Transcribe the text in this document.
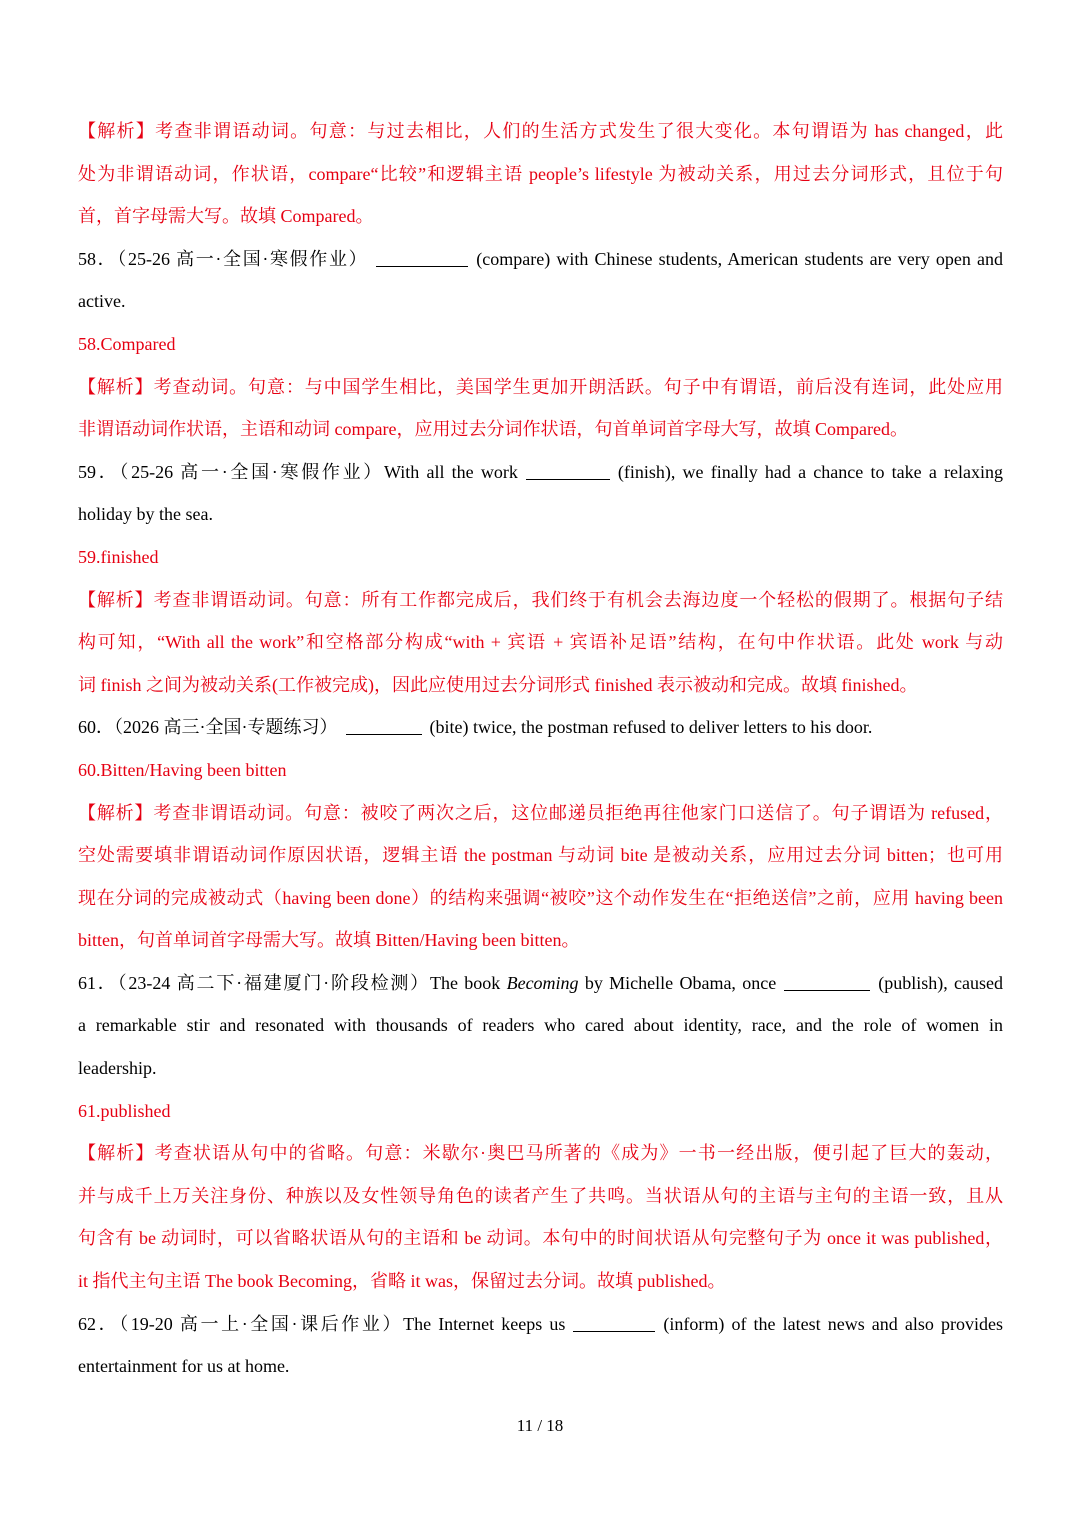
【解析】考查非谓语动词。句意：与过去相比，人们的生活方式发生了很大变化。本句谓语为 has changed，此
处为非谓语动词，作状语，compare“比较”和逻辑主语 people’s lifestyle 为被动关系，用过去分词形式，且位于句
首，首字母需大写。故填 Compared。
58．（25-26 高一·全国·寒假作业）	(compare) with Chinese students, American students are very open and
active.
58.Compared
【解析】考查动词。句意：与中国学生相比，美国学生更加开朗活跃。句子中有谓语，前后没有连词，此处应用
非谓语动词作状语，主语和动词 compare，应用过去分词作状语，句首单词首字母大写，故填 Compared。
59．（25-26 高一·全国·寒假作业）With all the work	(finish), we finally had a chance to take a relaxing
holiday by the sea.
59.finished
【解析】考查非谓语动词。句意：所有工作都完成后，我们终于有机会去海边度一个轻松的假期了。根据句子结
构可知，“With all the work”和空格部分构成“with + 宾语 + 宾语补足语”结构，在句中作状语。此处 work 与动
词 finish 之间为被动关系(工作被完成)，因此应使用过去分词形式 finished 表示被动和完成。故填 finished。
60．（2026 高三·全国·专题练习）	(bite) twice, the postman refused to deliver letters to his door.
60.Bitten/Having been bitten
【解析】考查非谓语动词。句意：被咬了两次之后，这位邮递员拒绝再往他家门口送信了。句子谓语为 refused，
空处需要填非谓语动词作原因状语，逻辑主语 the postman 与动词 bite 是被动关系，应用过去分词 bitten；也可用
现在分词的完成被动式（having been done）的结构来强调“被咬”这个动作发生在“拒绝送信”之前，应用 having been
bitten，句首单词首字母需大写。故填 Bitten/Having been bitten。
61．（23-24 高二下·福建厦门·阶段检测）The book Becoming by Michelle Obama, once	(publish), caused
a remarkable stir and resonated with thousands of readers who cared about identity, race, and the role of women in
leadership.
61.published
【解析】考查状语从句中的省略。句意：米歇尔·奥巴马所著的《成为》一书一经出版，便引起了巨大的轰动，
并与成千上万关注身份、种族以及女性领导角色的读者产生了共鸣。当状语从句的主语与主句的主语一致，且从
句含有 be 动词时，可以省略状语从句的主语和 be 动词。本句中的时间状语从句完整句子为 once it was published，
it 指代主句主语 The book Becoming，省略 it was，保留过去分词。故填 published。
62．（19-20 高一上·全国·课后作业）The Internet keeps us	(inform) of the latest news and also provides
entertainment for us at home.
11 / 18
